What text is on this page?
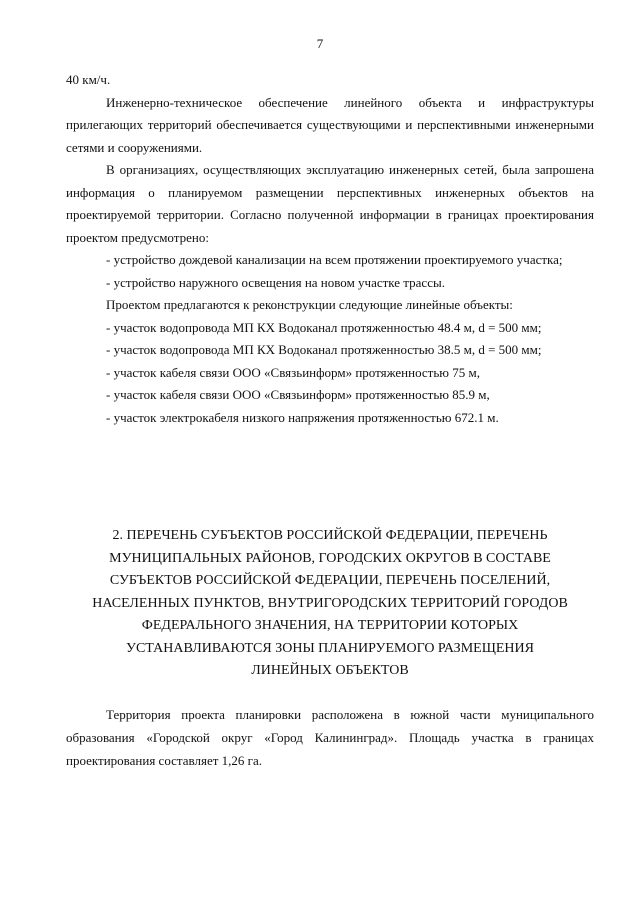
7

40 км/ч.

Инженерно-техническое обеспечение линейного объекта и инфраструктуры прилегающих территорий обеспечивается существующими и перспективными инженерными сетями и сооружениями.

В организациях, осуществляющих эксплуатацию инженерных сетей, была запрошена информация о планируемом размещении перспективных инженерных объектов на проектируемой территории. Согласно полученной информации в границах проектирования проектом предусмотрено:

- устройство дождевой канализации на всем протяжении проектируемого участка;

- устройство наружного освещения на новом участке трассы.

Проектом предлагаются к реконструкции следующие линейные объекты:

- участок водопровода МП КХ Водоканал протяженностью 48.4 м, d = 500 мм;

- участок водопровода МП КХ Водоканал протяженностью 38.5 м, d = 500 мм;

- участок кабеля связи ООО «Связьинформ» протяженностью 75 м,

- участок кабеля связи ООО «Связьинформ» протяженностью 85.9 м,

- участок электрокабеля низкого напряжения протяженностью 672.1 м.

2. ПЕРЕЧЕНЬ СУБЪЕКТОВ РОССИЙСКОЙ ФЕДЕРАЦИИ, ПЕРЕЧЕНЬ МУНИЦИПАЛЬНЫХ РАЙОНОВ, ГОРОДСКИХ ОКРУГОВ В СОСТАВЕ СУБЪЕКТОВ РОССИЙСКОЙ ФЕДЕРАЦИИ, ПЕРЕЧЕНЬ ПОСЕЛЕНИЙ, НАСЕЛЕННЫХ ПУНКТОВ, ВНУТРИГОРОДСКИХ ТЕРРИТОРИЙ ГОРОДОВ ФЕДЕРАЛЬНОГО ЗНАЧЕНИЯ, НА ТЕРРИТОРИИ КОТОРЫХ УСТАНАВЛИВАЮТСЯ ЗОНЫ ПЛАНИРУЕМОГО РАЗМЕЩЕНИЯ ЛИНЕЙНЫХ ОБЪЕКТОВ

Территория проекта планировки расположена в южной части муниципального образования «Городской округ «Город Калининград». Площадь участка в границах проектирования составляет 1,26 га.
